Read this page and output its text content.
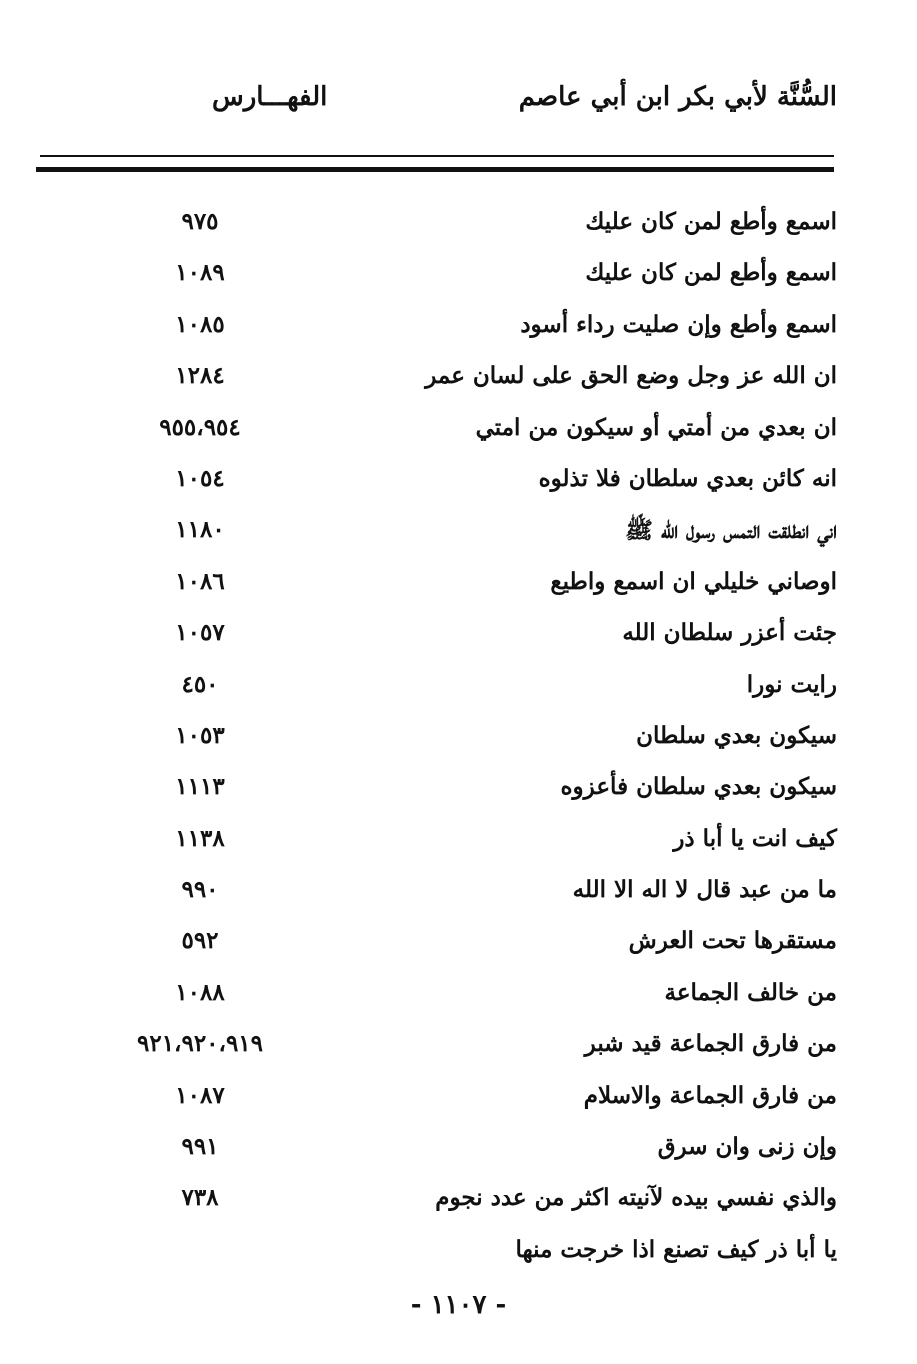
السُّنَّة لأبي بكر ابن أبي عاصم
الفهـــارس
اسمع وأطع لمن كان عليك
٩٧٥
اسمع وأطع لمن كان عليك
١٠٨٩
اسمع وأطع وإن صليت رداء أسود
١٠٨٥
ان الله عز وجل وضع الحق على لسان عمر
١٢٨٤
ان بعدي من أمتي أو سيكون من امتي
٩٥٥،٩٥٤
انه كائن بعدي سلطان فلا تذلوه
١٠٥٤
اني انطلقت التمس رسول الله ﷺ
١١٨٠
اوصاني خليلي ان اسمع واطيع
١٠٨٦
جئت أعزر سلطان الله
١٠٥٧
رايت نورا
٤٥٠
سيكون بعدي سلطان
١٠٥٣
سيكون بعدي سلطان فأعزوه
١١١٣
كيف انت يا أبا ذر
١١٣٨
ما من عبد قال لا اله الا الله
٩٩٠
مستقرها تحت العرش
٥٩٢
من خالف الجماعة
١٠٨٨
من فارق الجماعة قيد شبر
٩٢١،٩٢٠،٩١٩
من فارق الجماعة والاسلام
١٠٨٧
وإن زنى وان سرق
٩٩١
والذي نفسي بيده لآنيته اكثر من عدد نجوم
٧٣٨
يا أبا ذر كيف تصنع اذا خرجت منها
- ١١٠٧ -
